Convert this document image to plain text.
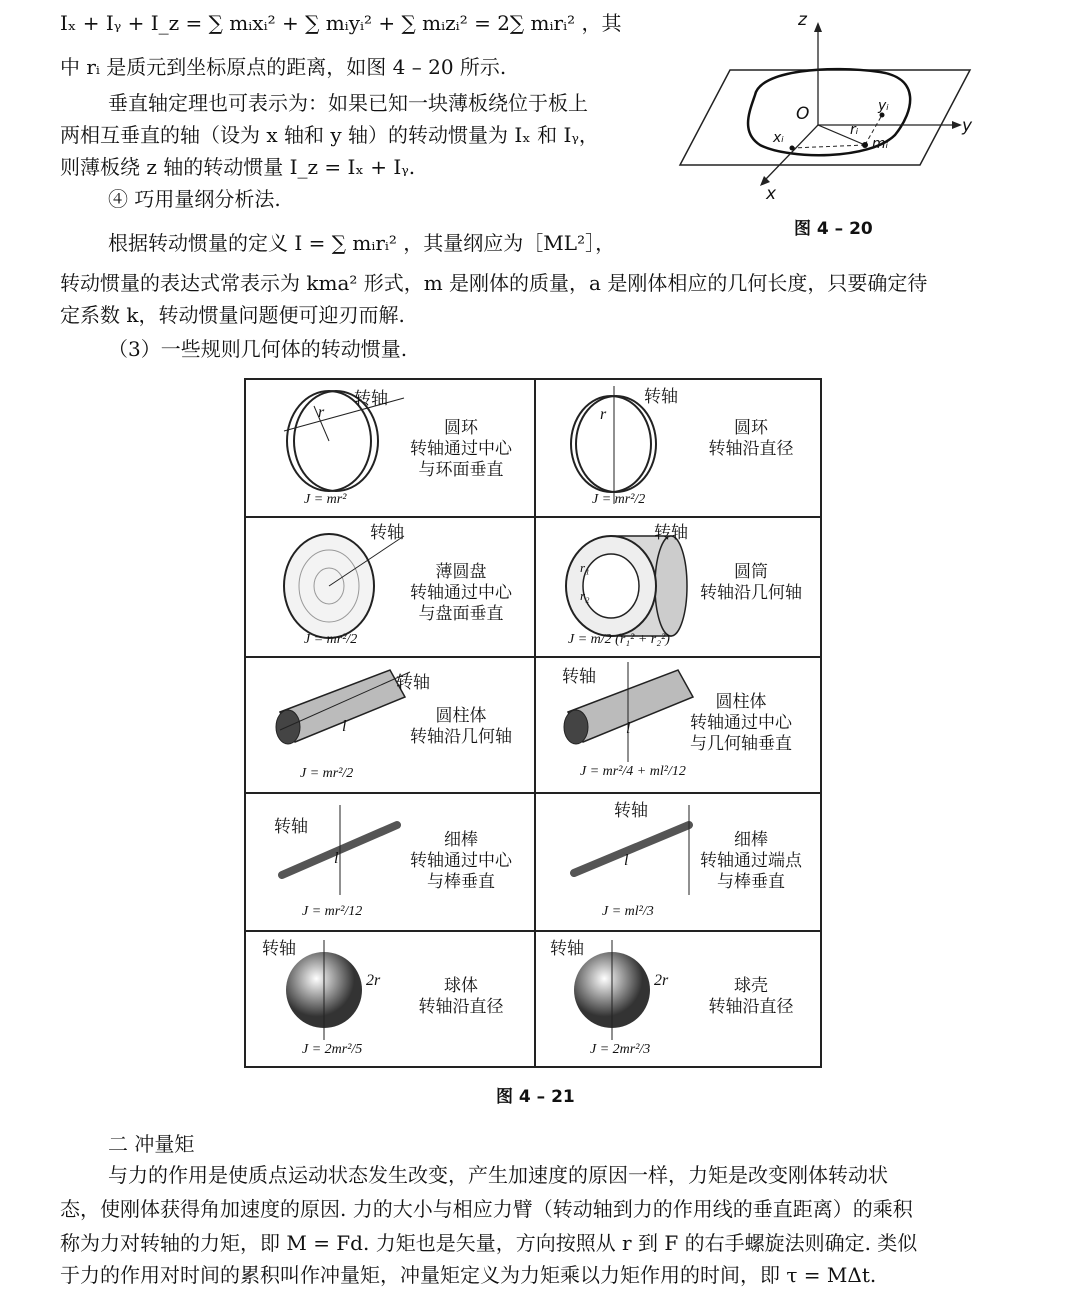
Iₓ + Iᵧ + I_z = ∑ mᵢxᵢ² + ∑ mᵢyᵢ² + ∑ mᵢzᵢ² = 2∑ mᵢrᵢ² ，其
中 rᵢ 是质元到坐标原点的距离，如图 4 – 20 所示.
垂直轴定理也可表示为：如果已知一块薄板绕位于板上
两相互垂直的轴（设为 x 轴和 y 轴）的转动惯量为 Iₓ 和 Iᵧ，
则薄板绕 z 轴的转动惯量 I_z = Iₓ + Iᵧ.
④ 巧用量纲分析法.
根据转动惯量的定义 I = ∑ mᵢrᵢ² ，其量纲应为［ML²］，
转动惯量的表达式常表示为 kma² 形式，m 是刚体的质量，a 是刚体相应的几何长度，只要确定待
定系数 k，转动惯量问题便可迎刃而解.
（3）一些规则几何体的转动惯量.
z
y
x
O	yᵢ
xᵢ	rᵢ
mᵢ
图 4 – 20
转轴	转轴
转轴	转轴
转轴	转轴
转轴
转轴
转轴	转轴
r	r
r₁
r₂
l	l
l	l
2r	2r
圆环
转轴通过中心
与环面垂直
J = mr²
圆环
转轴沿直径
J = mr²/2
薄圆盘
转轴通过中心
与盘面垂直
J = mr²/2
圆筒
转轴沿几何轴
J = m/2 (r₁² + r₂²)
圆柱体
转轴沿几何轴
J = mr²/2
圆柱体
转轴通过中心
与几何轴垂直
J = mr²/4 + ml²/12
细棒
转轴通过中心
与棒垂直
J = mr²/12
细棒
转轴通过端点
与棒垂直
J = ml²/3
球体
转轴沿直径
J = 2mr²/5
球壳
转轴沿直径
J = 2mr²/3
图 4 – 21
二 冲量矩
与力的作用是使质点运动状态发生改变，产生加速度的原因一样，力矩是改变刚体转动状
态，使刚体获得角加速度的原因. 力的大小与相应力臂（转动轴到力的作用线的垂直距离）的乘积
称为力对转轴的力矩，即 M = Fd. 力矩也是矢量，方向按照从 r 到 F 的右手螺旋法则确定. 类似
于力的作用对时间的累积叫作冲量矩，冲量矩定义为力矩乘以力矩作用的时间，即 τ = MΔt.
